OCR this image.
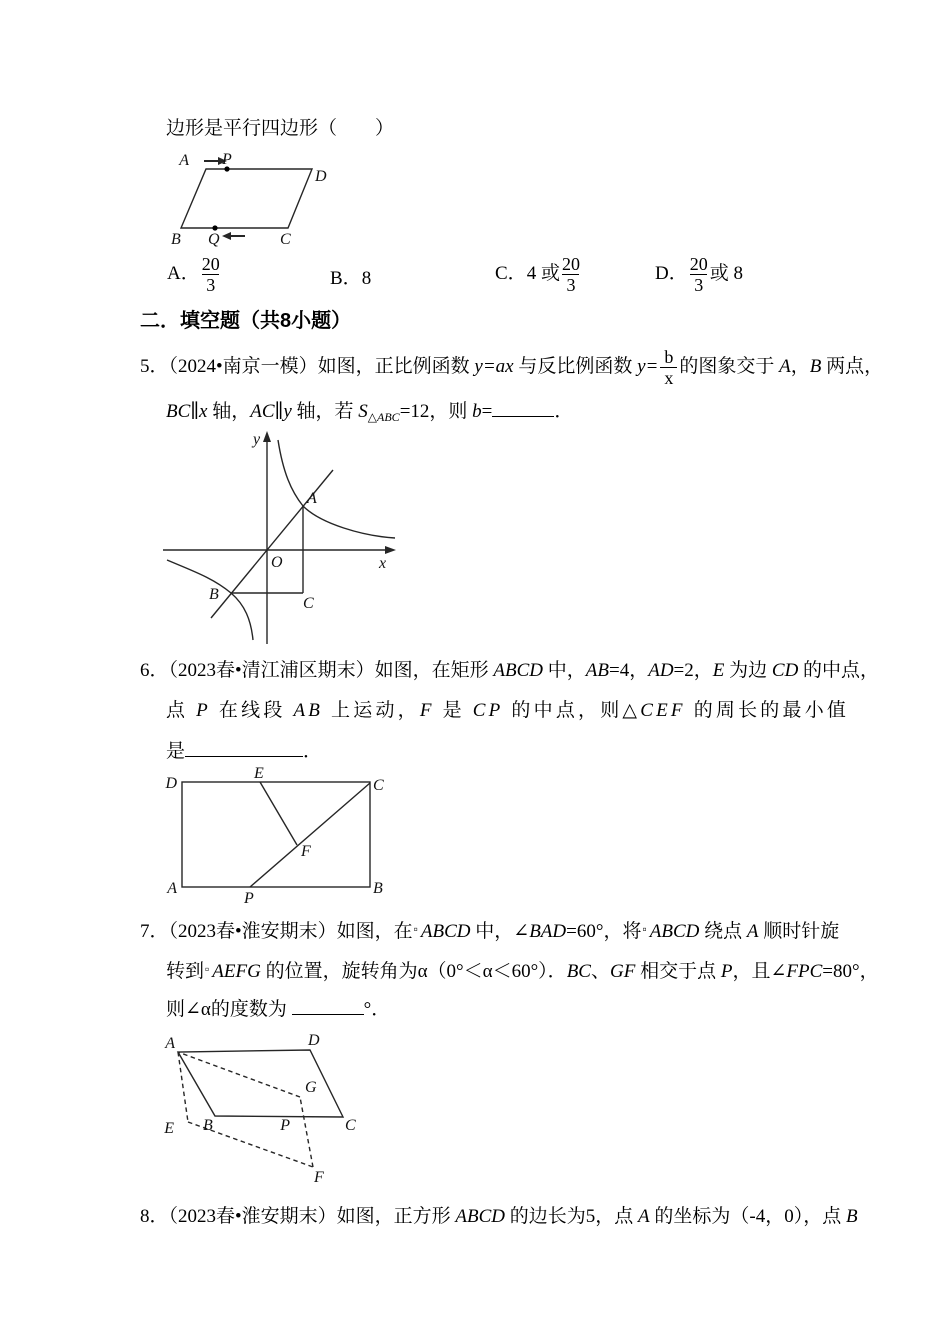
边形是平行四边形（　　）
A P
D
B Q	C
A． $\frac{20}{3}$	B．8	C．4 或 $\frac{20}{3}$	D． $\frac{20}{3}$ 或 8
二．填空题（共8小题）
5．（2024•南京一模）如图，正比例函数 y=ax 与反比例函数 $y= \frac{b}{x}$ 的图象交于 A，B 两点，
BC∥x 轴，AC∥y 轴，若 $S_{\triangle ABC}=12$，则 b=	．
y
x
O
A
B
C
6．（2023春•清江浦区期末）如图，在矩形 ABCD 中，AB=4，AD=2，E 为边 CD 的中点，
点 P 在线段 AB 上运动，F 是 CP 的中点，则△CEF 的周长的最小值
是	．
D
E
C
A
P
B
F
7．（2023春•淮安期末）如图，在▫ ABCD 中，∠BAD=60°，将▫ ABCD 绕点 A 顺时针旋
转到▫ AEFG 的位置，旋转角为α（0°＜α＜60°）．BC、GF 相交于点 P，且∠FPC=80°，
则∠α的度数为	°．
A	D
G
E B	P	C
F
8．（2023春•淮安期末）如图，正方形 ABCD 的边长为5，点 A 的坐标为（-4，0），点 B
